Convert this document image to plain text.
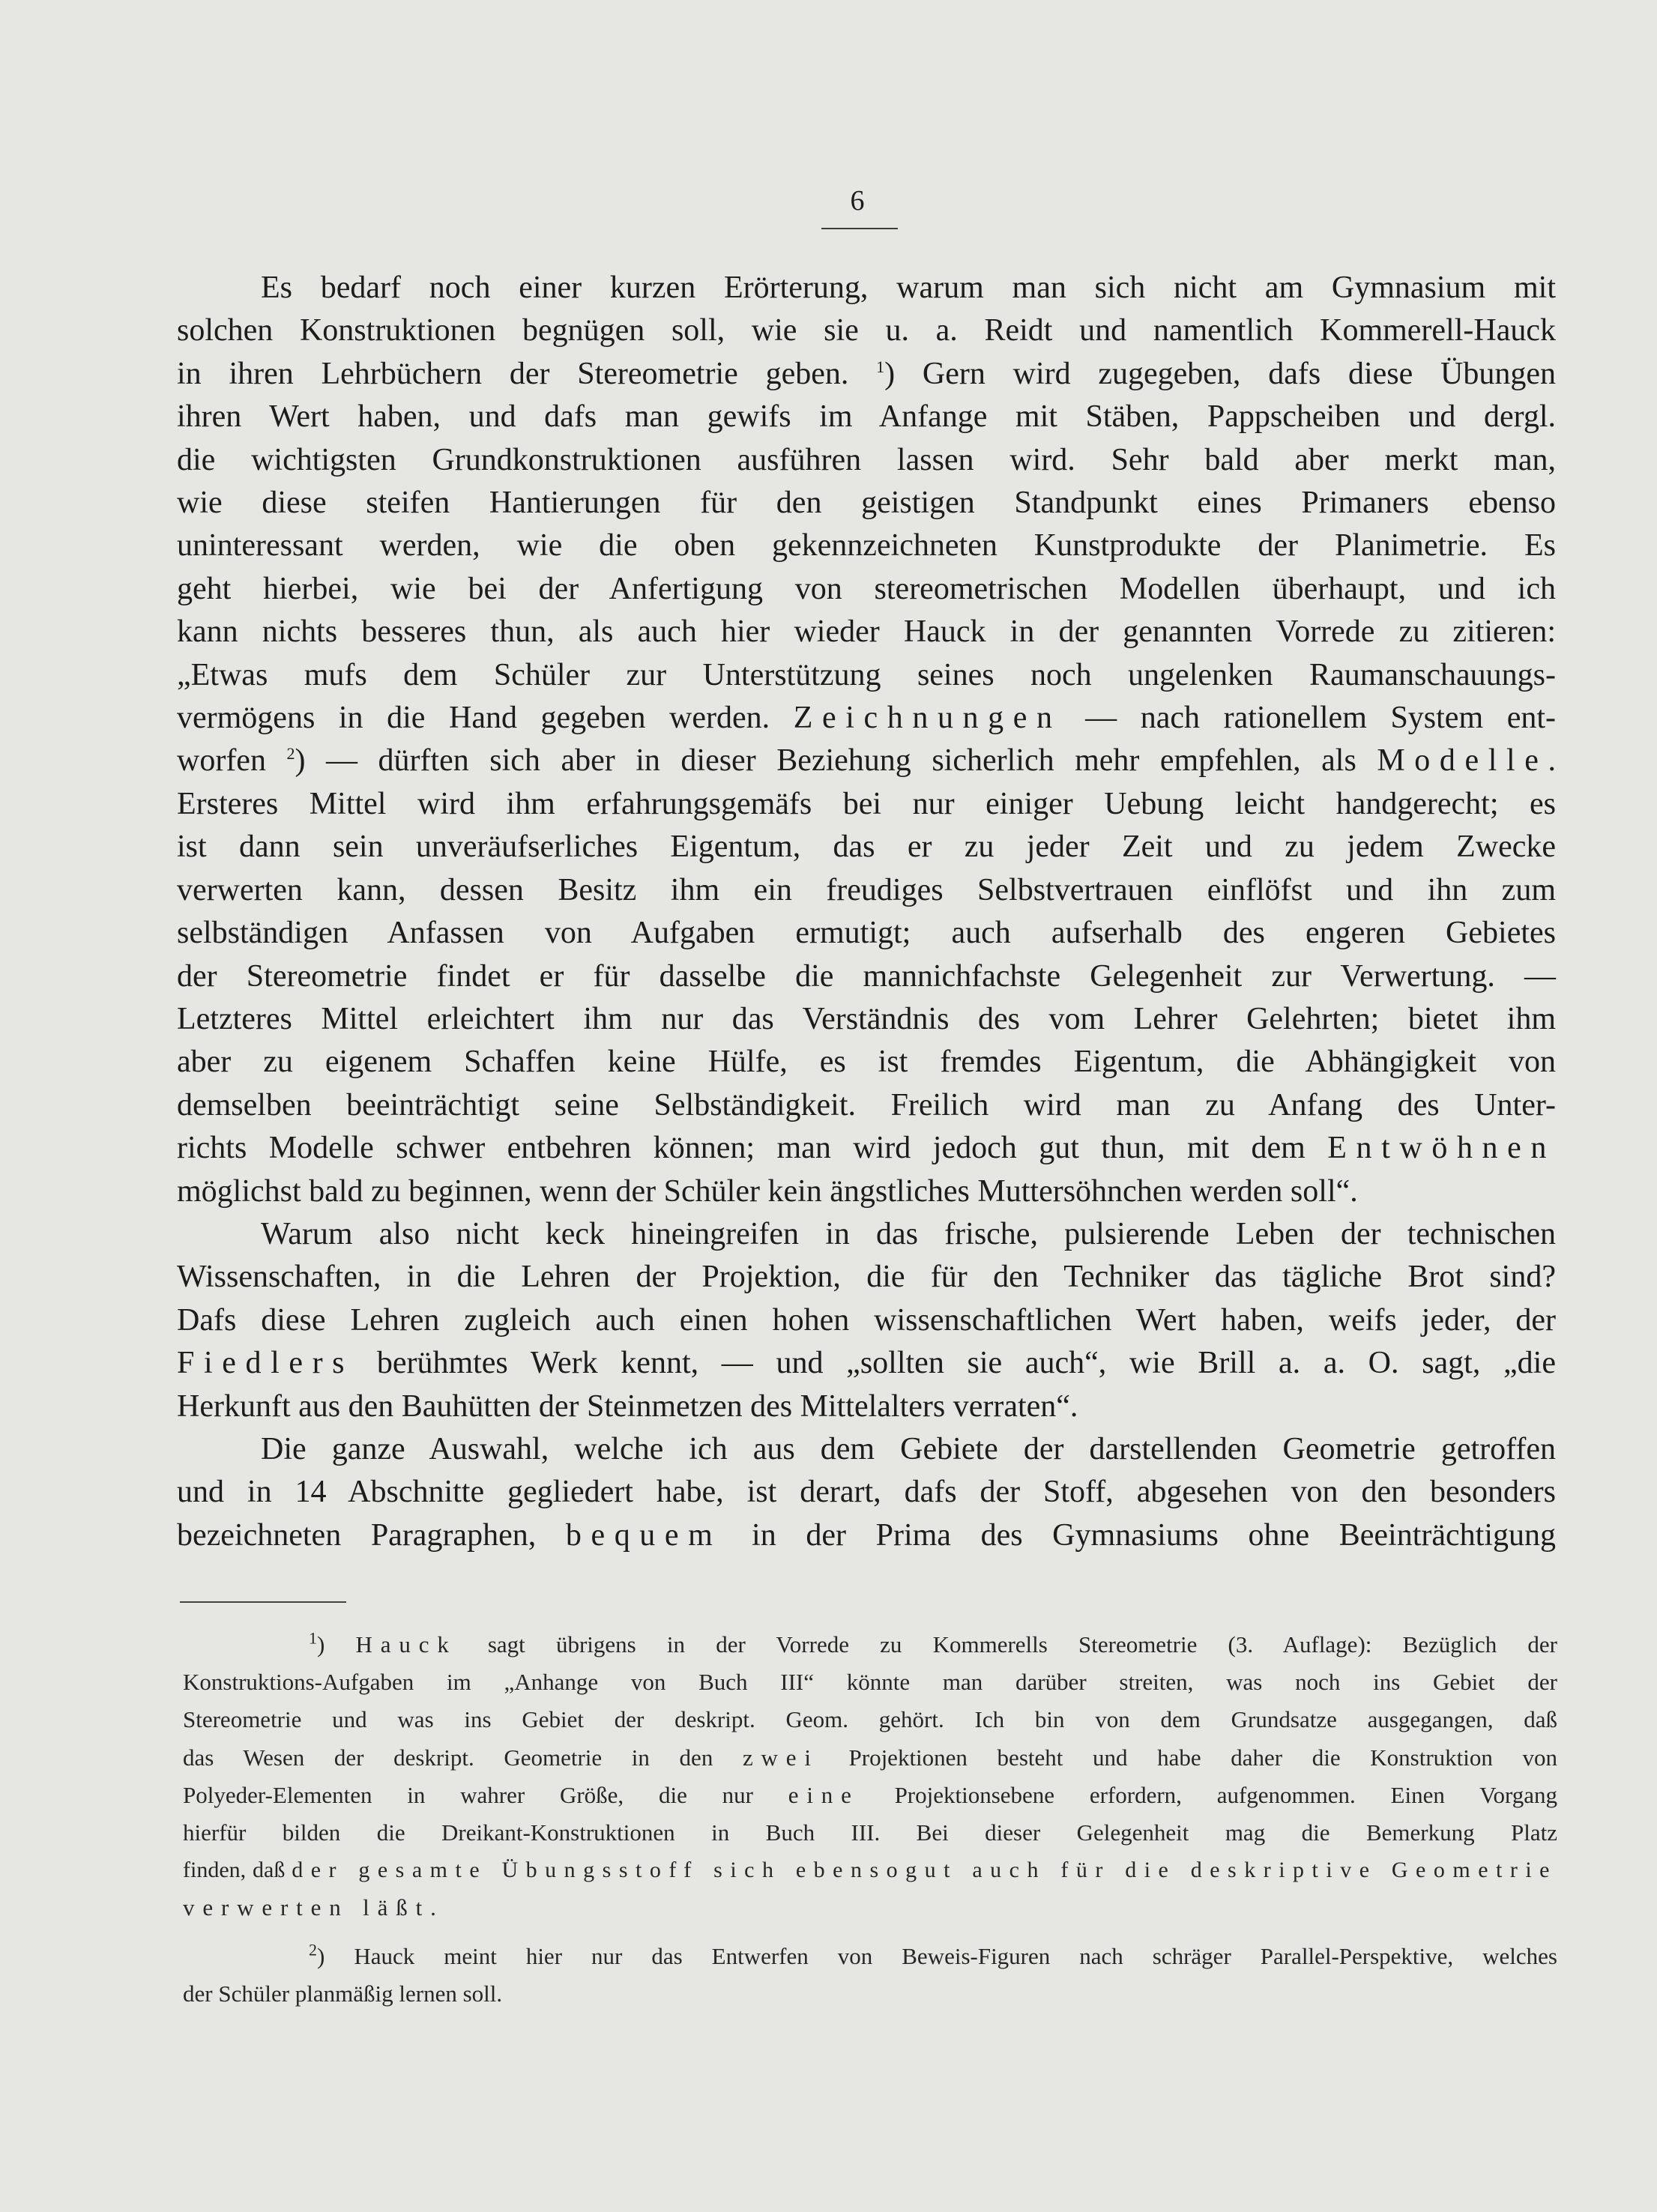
6
Es bedarf noch einer kurzen Erörterung, warum man sich nicht am Gymnasium mit
solchen Konstruktionen begnügen soll, wie sie u. a. Reidt und namentlich Kommerell-Hauck
in ihren Lehrbüchern der Stereometrie geben. $^1$) Gern wird zugegeben, dafs diese Übungen
ihren Wert haben, und dafs man gewifs im Anfange mit Stäben, Pappscheiben und dergl.
die wichtigsten Grundkonstruktionen ausführen lassen wird. Sehr bald aber merkt man,
wie diese steifen Hantierungen für den geistigen Standpunkt eines Primaners ebenso
uninteressant werden, wie die oben gekennzeichneten Kunstprodukte der Planimetrie. Es
geht hierbei, wie bei der Anfertigung von stereometrischen Modellen überhaupt, und ich
kann nichts besseres thun, als auch hier wieder Hauck in der genannten Vorrede zu zitieren:
„Etwas mufs dem Schüler zur Unterstützung seines noch ungelenken Raumanschauungs-
vermögens in die Hand gegeben werden. Zeichnungen — nach rationellem System ent-
worfen $^2$) — dürften sich aber in dieser Beziehung sicherlich mehr empfehlen, als Modelle.
Ersteres Mittel wird ihm erfahrungsgemäfs bei nur einiger Uebung leicht handgerecht; es
ist dann sein unveräufserliches Eigentum, das er zu jeder Zeit und zu jedem Zwecke
verwerten kann, dessen Besitz ihm ein freudiges Selbstvertrauen einflöfst und ihn zum
selbständigen Anfassen von Aufgaben ermutigt; auch aufserhalb des engeren Gebietes
der Stereometrie findet er für dasselbe die mannichfachste Gelegenheit zur Verwertung. —
Letzteres Mittel erleichtert ihm nur das Verständnis des vom Lehrer Gelehrten; bietet ihm
aber zu eigenem Schaffen keine Hülfe, es ist fremdes Eigentum, die Abhängigkeit von
demselben beeinträchtigt seine Selbständigkeit. Freilich wird man zu Anfang des Unter-
richts Modelle schwer entbehren können; man wird jedoch gut thun, mit dem Entwöhnen
möglichst bald zu beginnen, wenn der Schüler kein ängstliches Muttersöhnchen werden soll“.
Warum also nicht keck hineingreifen in das frische, pulsierende Leben der technischen
Wissenschaften, in die Lehren der Projektion, die für den Techniker das tägliche Brot sind?
Dafs diese Lehren zugleich auch einen hohen wissenschaftlichen Wert haben, weifs jeder, der
Fiedlers berühmtes Werk kennt, — und „sollten sie auch“, wie Brill a. a. O. sagt, „die
Herkunft aus den Bauhütten der Steinmetzen des Mittelalters verraten“.
Die ganze Auswahl, welche ich aus dem Gebiete der darstellenden Geometrie getroffen
und in 14 Abschnitte gegliedert habe, ist derart, dafs der Stoff, abgesehen von den besonders
bezeichneten Paragraphen, bequem in der Prima des Gymnasiums ohne Beeinträchtigung
$^1$) Hauck sagt übrigens in der Vorrede zu Kommerells Stereometrie (3. Auflage): Bezüglich der
Konstruktions-Aufgaben im „Anhange von Buch III“ könnte man darüber streiten, was noch ins Gebiet der
Stereometrie und was ins Gebiet der deskript. Geom. gehört. Ich bin von dem Grundsatze ausgegangen, daß
das Wesen der deskript. Geometrie in den zwei Projektionen besteht und habe daher die Konstruktion von
Polyeder-Elementen in wahrer Größe, die nur eine Projektionsebene erfordern, aufgenommen. Einen Vorgang
hierfür bilden die Dreikant-Konstruktionen in Buch III. Bei dieser Gelegenheit mag die Bemerkung Platz
finden, daß der gesamte Übungsstoff sich ebensogut auch für die deskriptive Geometrie
verwerten läßt.
$^2$) Hauck meint hier nur das Entwerfen von Beweis-Figuren nach schräger Parallel-Perspektive, welches
der Schüler planmäßig lernen soll.
